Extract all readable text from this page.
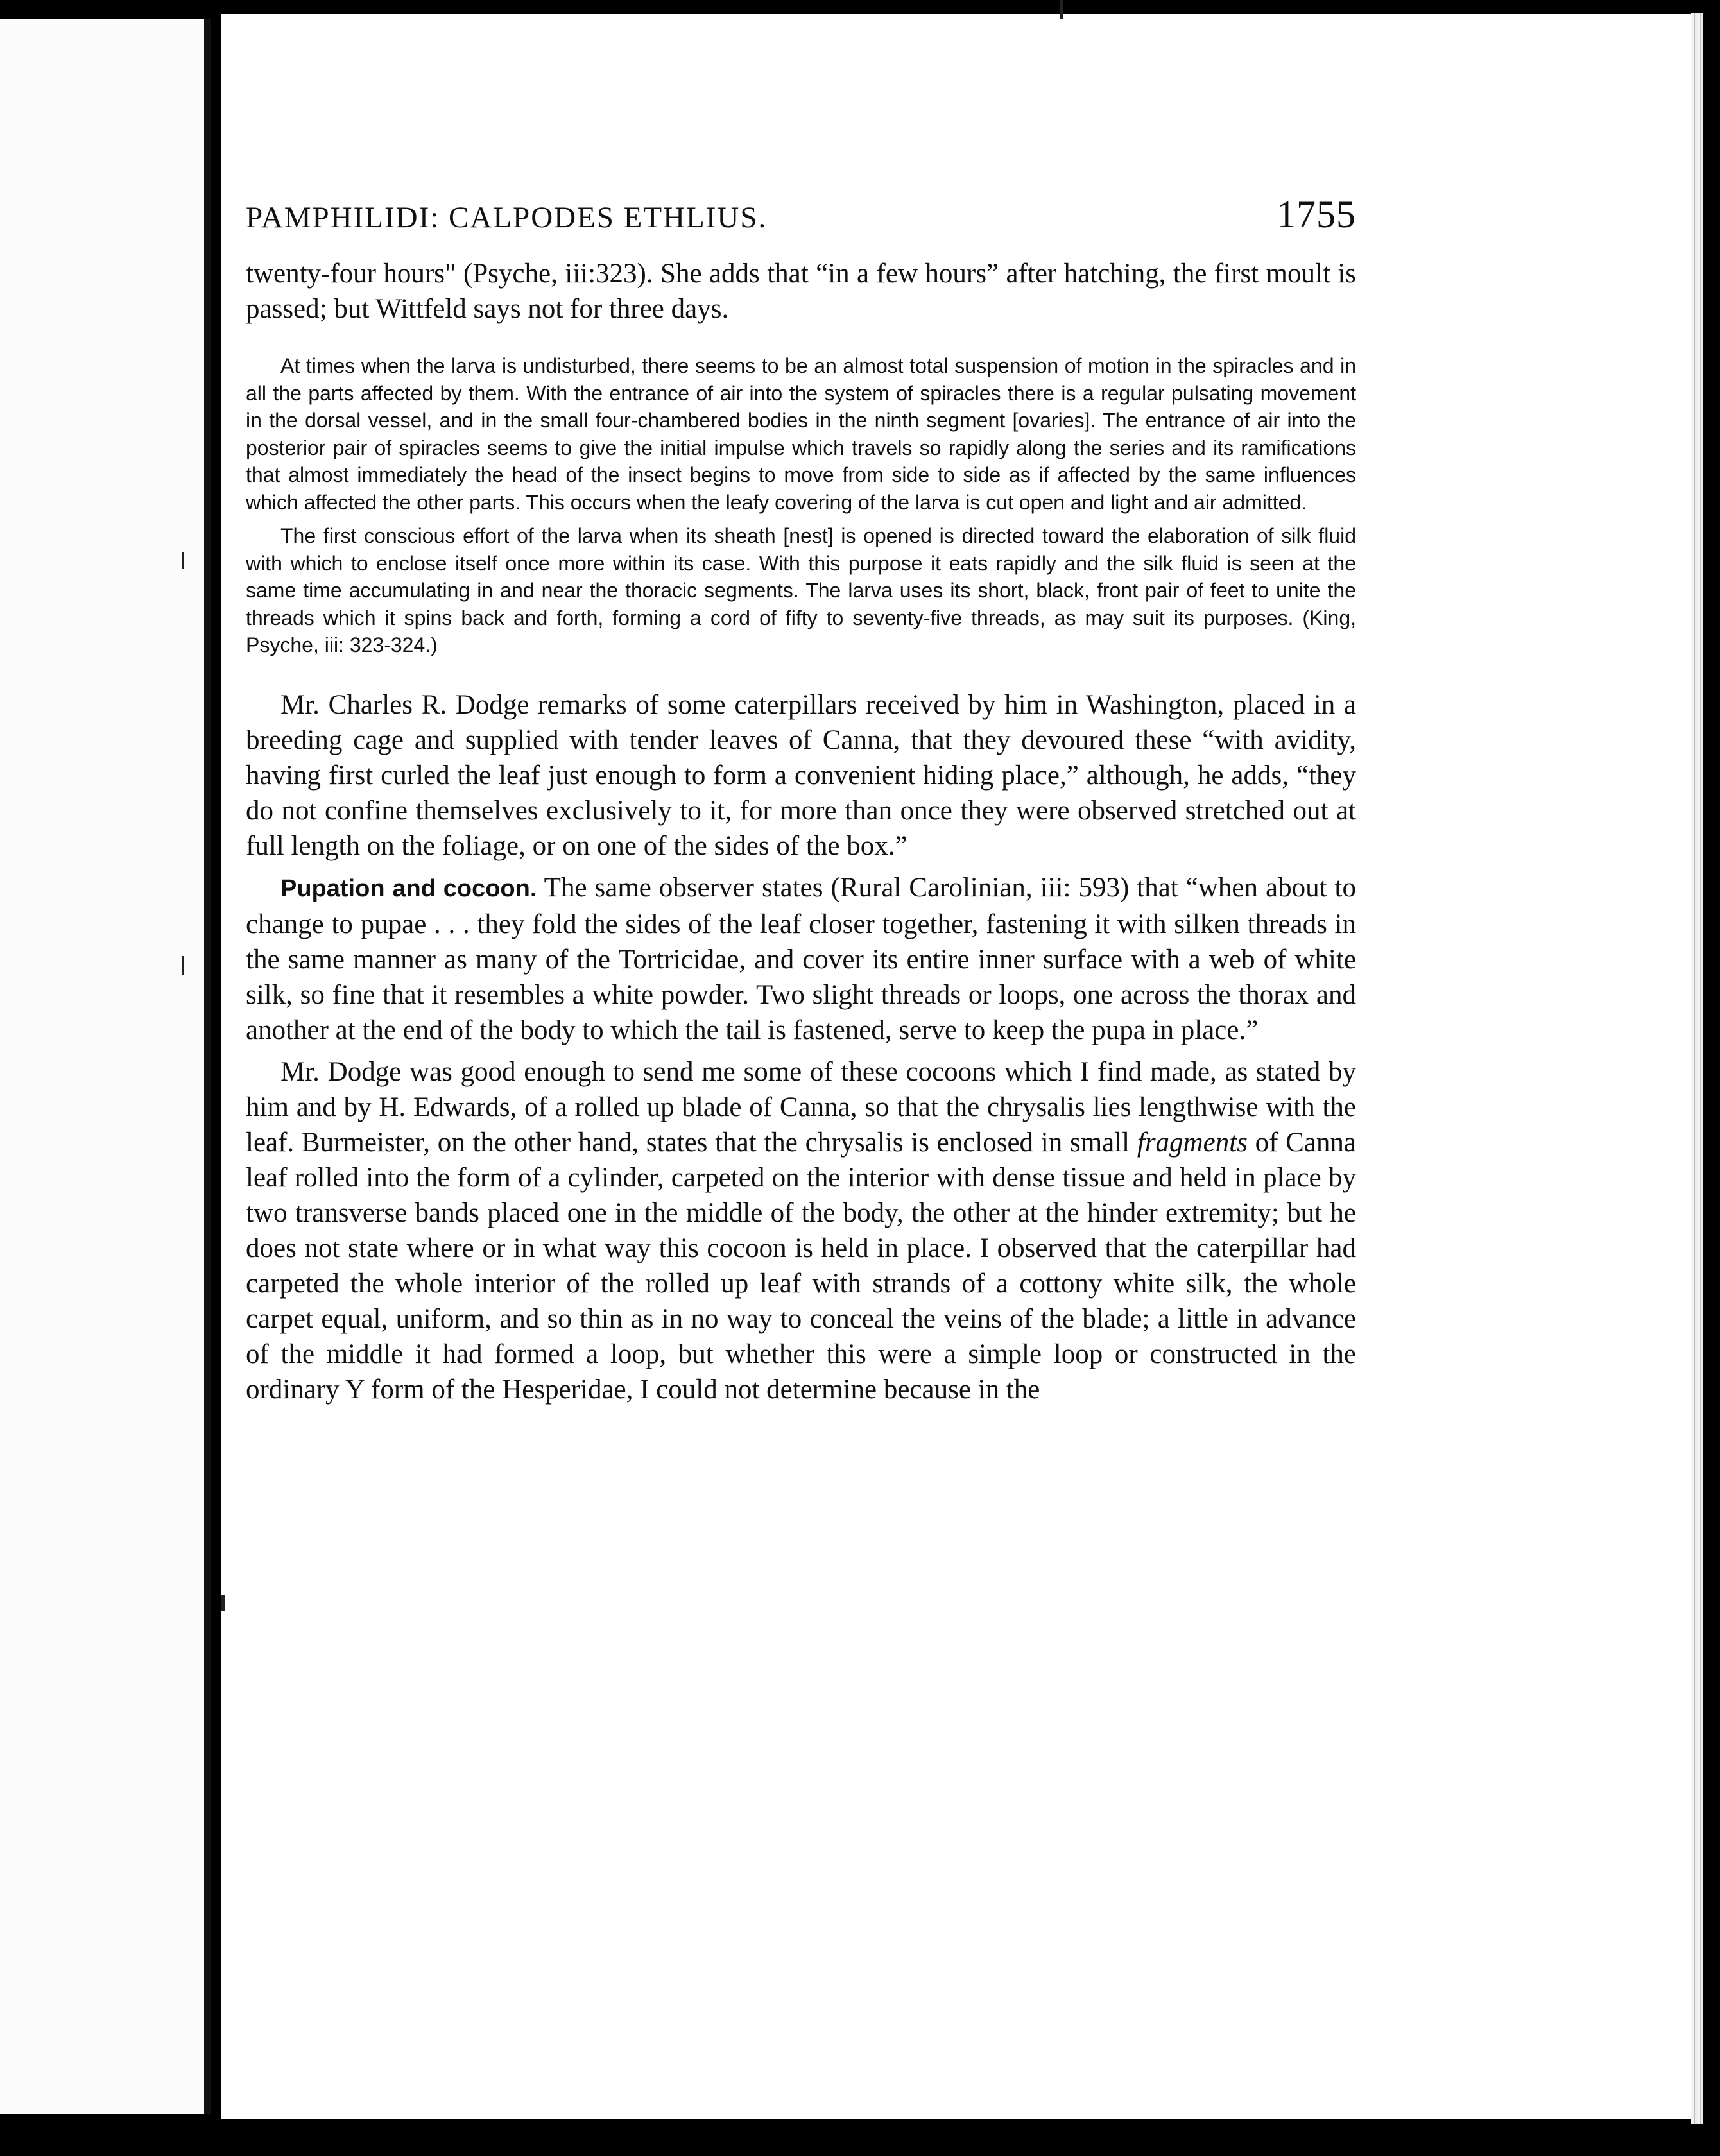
PAMPHILIDI: CALPODES ETHLIUS.	1755

twenty-four hours" (Psyche, iii:323). She adds that “in a few hours” after hatching, the first moult is passed; but Wittfeld says not for three days.

At times when the larva is undisturbed, there seems to be an almost total suspension of motion in the spiracles and in all the parts affected by them. With the entrance of air into the system of spiracles there is a regular pulsating movement in the dorsal vessel, and in the small four-chambered bodies in the ninth segment [ovaries]. The entrance of air into the posterior pair of spiracles seems to give the initial impulse which travels so rapidly along the series and its ramifications that almost immediately the head of the insect begins to move from side to side as if affected by the same influences which affected the other parts. This occurs when the leafy covering of the larva is cut open and light and air admitted.

The first conscious effort of the larva when its sheath [nest] is opened is directed toward the elaboration of silk fluid with which to enclose itself once more within its case. With this purpose it eats rapidly and the silk fluid is seen at the same time accumulating in and near the thoracic segments. The larva uses its short, black, front pair of feet to unite the threads which it spins back and forth, forming a cord of fifty to seventy-five threads, as may suit its purposes. (King, Psyche, iii: 323-324.)

Mr. Charles R. Dodge remarks of some caterpillars received by him in Washington, placed in a breeding cage and supplied with tender leaves of Canna, that they devoured these “with avidity, having first curled the leaf just enough to form a convenient hiding place,” although, he adds, “they do not confine themselves exclusively to it, for more than once they were observed stretched out at full length on the foliage, or on one of the sides of the box.”

Pupation and cocoon. The same observer states (Rural Carolinian, iii: 593) that “when about to change to pupae . . . they fold the sides of the leaf closer together, fastening it with silken threads in the same manner as many of the Tortricidae, and cover its entire inner surface with a web of white silk, so fine that it resembles a white powder. Two slight threads or loops, one across the thorax and another at the end of the body to which the tail is fastened, serve to keep the pupa in place.”

Mr. Dodge was good enough to send me some of these cocoons which I find made, as stated by him and by H. Edwards, of a rolled up blade of Canna, so that the chrysalis lies lengthwise with the leaf. Burmeister, on the other hand, states that the chrysalis is enclosed in small fragments of Canna leaf rolled into the form of a cylinder, carpeted on the interior with dense tissue and held in place by two transverse bands placed one in the middle of the body, the other at the hinder extremity; but he does not state where or in what way this cocoon is held in place. I observed that the caterpillar had carpeted the whole interior of the rolled up leaf with strands of a cottony white silk, the whole carpet equal, uniform, and so thin as in no way to conceal the veins of the blade; a little in advance of the middle it had formed a loop, but whether this were a simple loop or constructed in the ordinary Y form of the Hesperidae, I could not determine because in the
